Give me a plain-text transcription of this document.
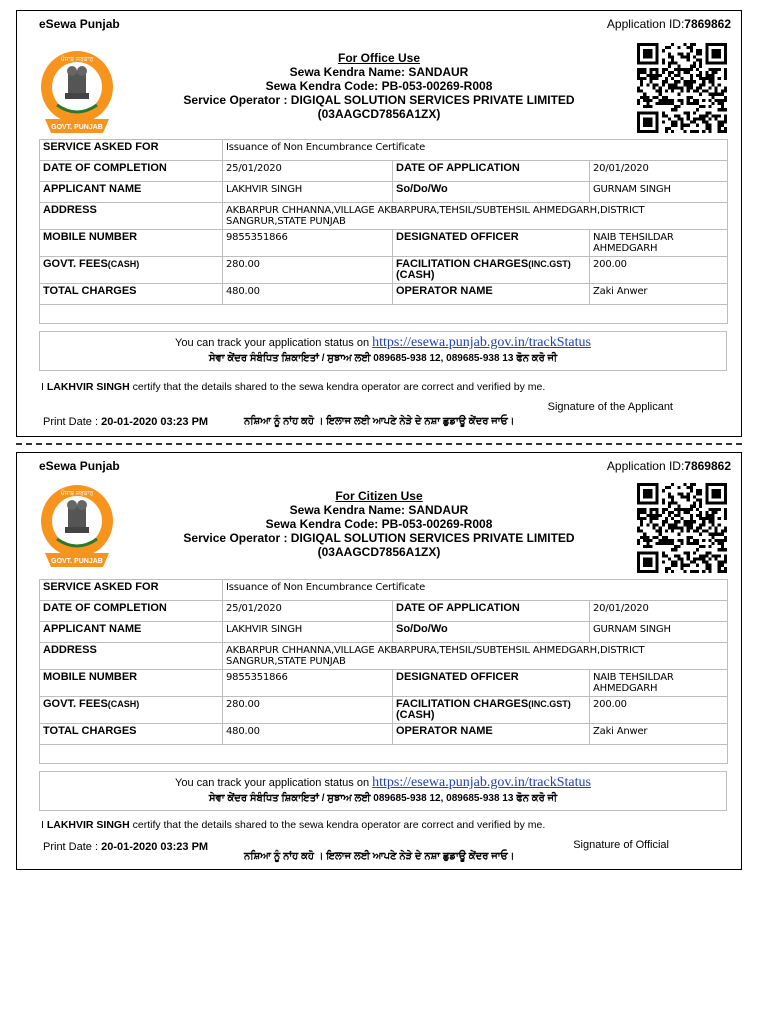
eSewa Punjab	Application ID:7869862
GOVT. PUNJAB
ਪੰਜਾਬ ਸਰਕਾਰ	For Office Use
Sewa Kendra Name: SANDAUR
Sewa Kendra Code: PB-053-00269-R008
Service Operator : DIGIQAL SOLUTION SERVICES PRIVATE LIMITED
(03AAGCD7856A1ZX)
SERVICE ASKED FOR	Issuance of Non Encumbrance Certificate		
DATE OF COMPLETION	25/01/2020	DATE OF APPLICATION	20/01/2020
APPLICANT NAME	LAKHVIR SINGH	So/Do/Wo	GURNAM SINGH
ADDRESS	AKBARPUR CHHANNA,VILLAGE AKBARPURA,TEHSIL/SUBTEHSIL AHMEDGARH,DISTRICT SANGRUR,STATE PUNJAB		
MOBILE NUMBER	9855351866	DESIGNATED OFFICER	NAIB TEHSILDAR AHMEDGARH
GOVT. FEES(CASH)	280.00	FACILITATION CHARGES(INC.GST)
(CASH)	200.00
TOTAL CHARGES	480.00	OPERATOR NAME	Zaki Anwer

You can track your application status on https://esewa.punjab.gov.in/trackStatus
ਸੇਵਾ ਕੇਂਦਰ ਸੰਬੰਧਿਤ ਸ਼ਿਕਾਇਤਾਂ / ਸੁਝਾਅ ਲਈ 089685-938 12, 089685-938 13 ਫੋਨ ਕਰੋ ਜੀ
I LAKHVIR SINGH certify that the details shared to the sewa kendra operator are correct and verified by me.
Signature of the Applicant
Print Date : 20-01-2020 03:23 PM	ਨਸ਼ਿਆ ਨੂੰ ਨਾਂਹ ਕਹੋ । ਇਲਾਜ ਲਈ ਆਪਣੇ ਨੇੜੇ ਦੇ ਨਸ਼ਾ ਛੁਡਾਊ ਕੇਂਦਰ ਜਾਓ।
eSewa Punjab	Application ID:7869862
GOVT. PUNJAB
ਪੰਜਾਬ ਸਰਕਾਰ	For Citizen Use
Sewa Kendra Name: SANDAUR
Sewa Kendra Code: PB-053-00269-R008
Service Operator : DIGIQAL SOLUTION SERVICES PRIVATE LIMITED
(03AAGCD7856A1ZX)
SERVICE ASKED FOR	Issuance of Non Encumbrance Certificate		
DATE OF COMPLETION	25/01/2020	DATE OF APPLICATION	20/01/2020
APPLICANT NAME	LAKHVIR SINGH	So/Do/Wo	GURNAM SINGH
ADDRESS	AKBARPUR CHHANNA,VILLAGE AKBARPURA,TEHSIL/SUBTEHSIL AHMEDGARH,DISTRICT SANGRUR,STATE PUNJAB		
MOBILE NUMBER	9855351866	DESIGNATED OFFICER	NAIB TEHSILDAR AHMEDGARH
GOVT. FEES(CASH)	280.00	FACILITATION CHARGES(INC.GST)
(CASH)	200.00
TOTAL CHARGES	480.00	OPERATOR NAME	Zaki Anwer

You can track your application status on https://esewa.punjab.gov.in/trackStatus
ਸੇਵਾ ਕੇਂਦਰ ਸੰਬੰਧਿਤ ਸ਼ਿਕਾਇਤਾਂ / ਸੁਝਾਅ ਲਈ 089685-938 12, 089685-938 13 ਫੋਨ ਕਰੋ ਜੀ
I LAKHVIR SINGH certify that the details shared to the sewa kendra operator are correct and verified by me.
Signature of Official
Print Date : 20-01-2020 03:23 PM
ਨਸ਼ਿਆ ਨੂੰ ਨਾਂਹ ਕਹੋ । ਇਲਾਜ ਲਈ ਆਪਣੇ ਨੇੜੇ ਦੇ ਨਸ਼ਾ ਛੁਡਾਊ ਕੇਂਦਰ ਜਾਓ।
